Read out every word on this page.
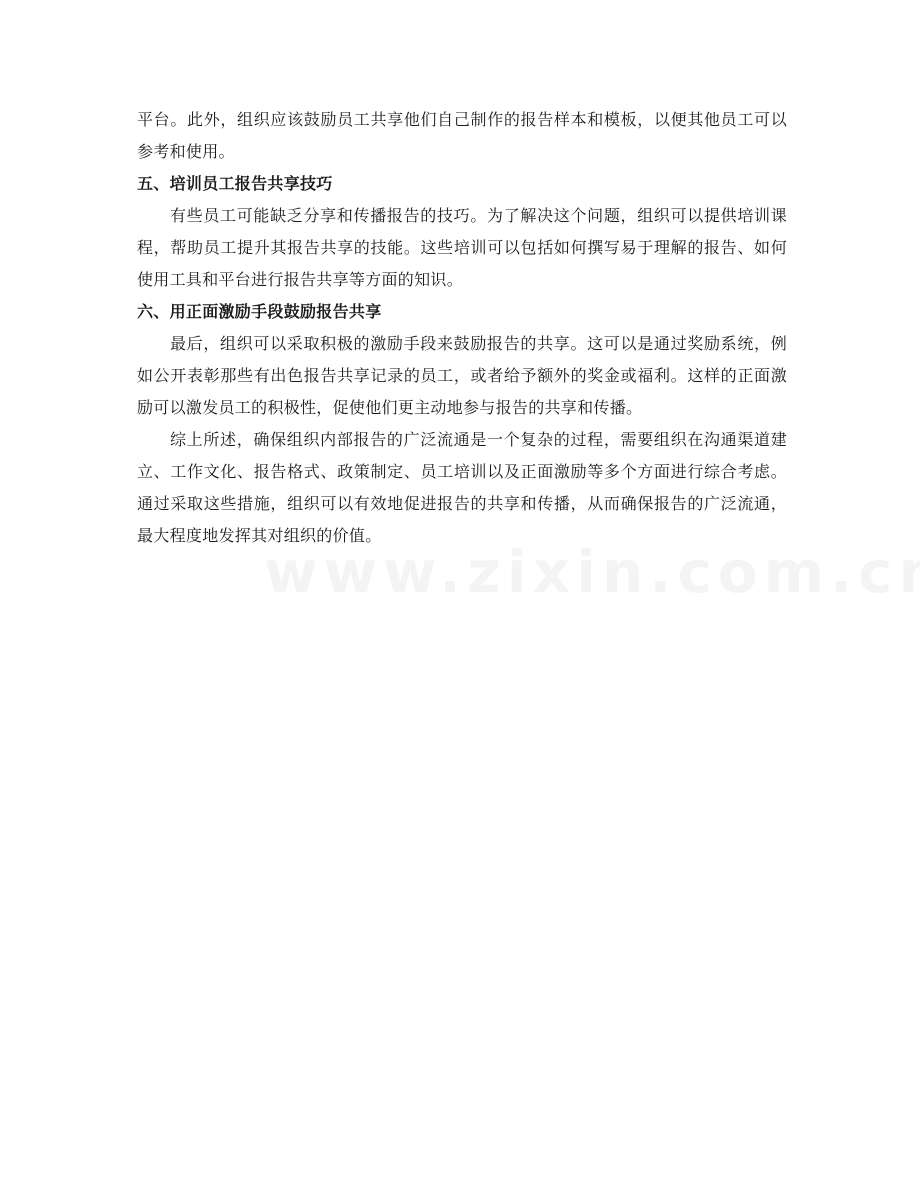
平台。此外，组织应该鼓励员工共享他们自己制作的报告样本和模板，以便其他员工可以参考和使用。

五、培训员工报告共享技巧

有些员工可能缺乏分享和传播报告的技巧。为了解决这个问题，组织可以提供培训课程，帮助员工提升其报告共享的技能。这些培训可以包括如何撰写易于理解的报告、如何使用工具和平台进行报告共享等方面的知识。

六、用正面激励手段鼓励报告共享

最后，组织可以采取积极的激励手段来鼓励报告的共享。这可以是通过奖励系统，例如公开表彰那些有出色报告共享记录的员工，或者给予额外的奖金或福利。这样的正面激励可以激发员工的积极性，促使他们更主动地参与报告的共享和传播。

综上所述，确保组织内部报告的广泛流通是一个复杂的过程，需要组织在沟通渠道建立、工作文化、报告格式、政策制定、员工培训以及正面激励等多个方面进行综合考虑。通过采取这些措施，组织可以有效地促进报告的共享和传播，从而确保报告的广泛流通，最大程度地发挥其对组织的价值。
